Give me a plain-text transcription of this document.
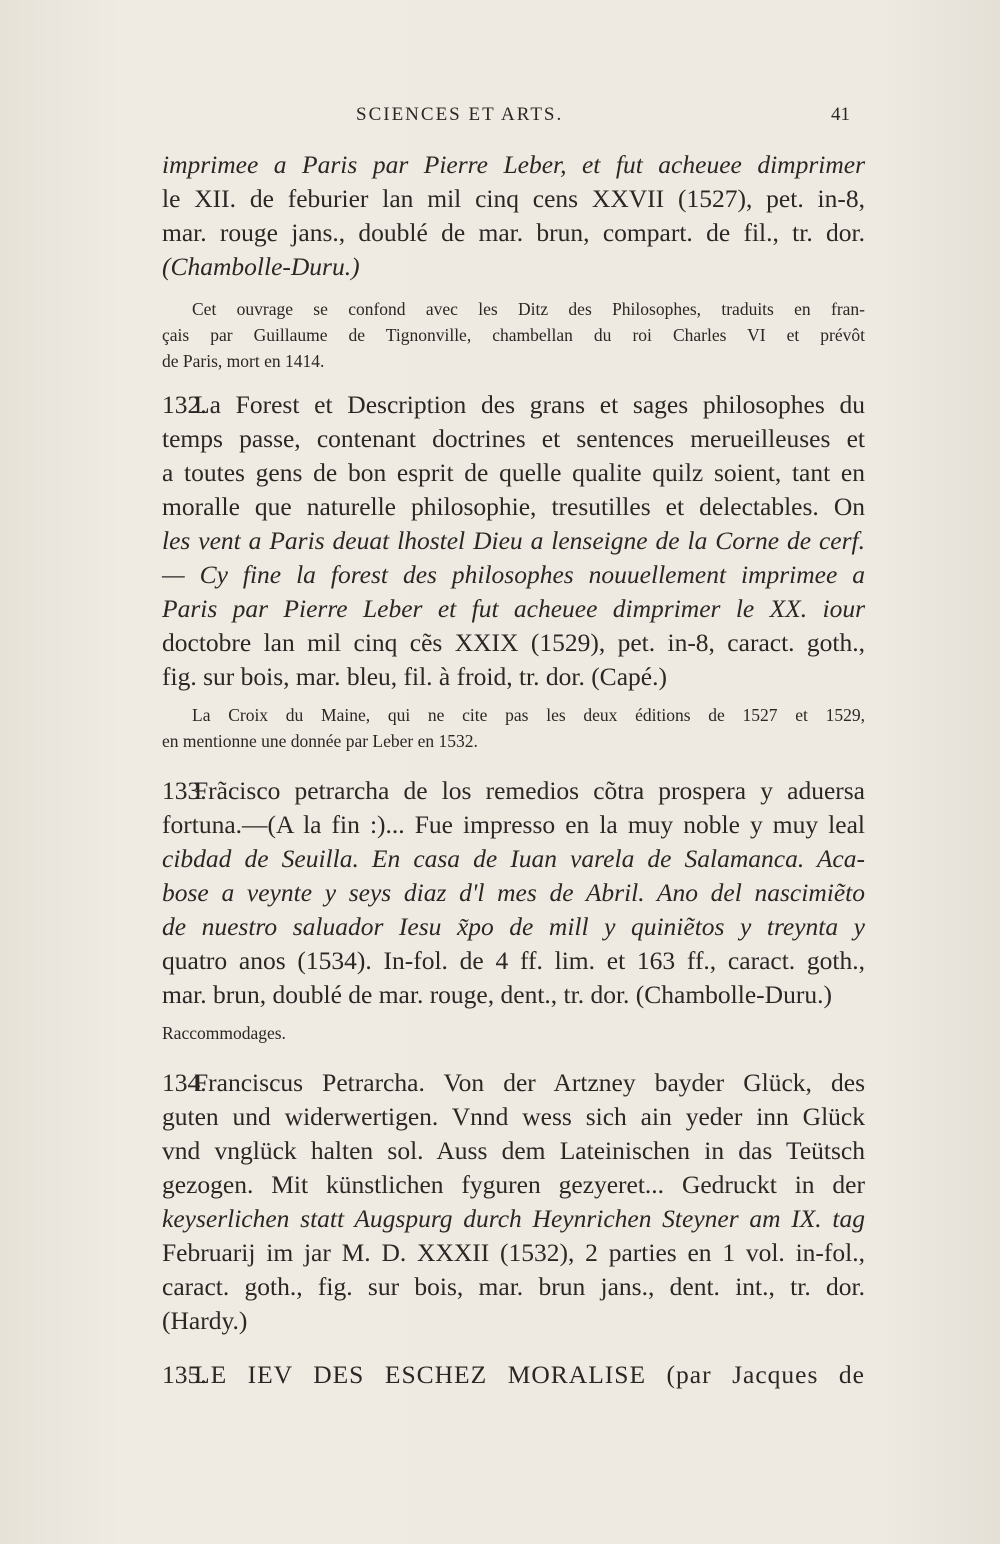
SCIENCES ET ARTS.	41
imprimee a Paris par Pierre Leber, et fut acheuee dimprimer
le XII. de feburier lan mil cinq cens XXVII (1527), pet. in-8,
mar. rouge jans., doublé de mar. brun, compart. de fil., tr. dor.
(Chambolle-Duru.)
Cet ouvrage se confond avec les Ditz des Philosophes, traduits en fran-
çais par Guillaume de Tignonville, chambellan du roi Charles VI et prévôt
de Paris, mort en 1414.
132.La Forest et Description des grans et sages philosophes du
temps passe, contenant doctrines et sentences merueilleuses et
a toutes gens de bon esprit de quelle qualite quilz soient, tant en
moralle que naturelle philosophie, tresutilles et delectables. On
les vent a Paris deuat lhostel Dieu a lenseigne de la Corne de cerf.
— Cy fine la forest des philosophes nouuellement imprimee a
Paris par Pierre Leber et fut acheuee dimprimer le XX. iour
doctobre lan mil cinq cẽs XXIX (1529), pet. in-8, caract. goth.,
fig. sur bois, mar. bleu, fil. à froid, tr. dor. (Capé.)
La Croix du Maine, qui ne cite pas les deux éditions de 1527 et 1529,
en mentionne une donnée par Leber en 1532.
133.Frãcisco petrarcha de los remedios cõtra prospera y aduersa
fortuna.—(A la fin :)... Fue impresso en la muy noble y muy leal
cibdad de Seuilla. En casa de Iuan varela de Salamanca. Aca-
bose a veynte y seys diaz d'l mes de Abril. Ano del nascimiẽto
de nuestro saluador Iesu x̃po de mill y quiniẽtos y treynta y
quatro anos (1534). In-fol. de 4 ff. lim. et 163 ff., caract. goth.,
mar. brun, doublé de mar. rouge, dent., tr. dor. (Chambolle-Duru.)
Raccommodages.
134.Franciscus Petrarcha. Von der Artzney bayder Glück, des
guten und widerwertigen. Vnnd wess sich ain yeder inn Glück
vnd vnglück halten sol. Auss dem Lateinischen in das Teütsch
gezogen. Mit künstlichen fyguren gezyeret... Gedruckt in der
keyserlichen statt Augspurg durch Heynrichen Steyner am IX. tag
Februarij im jar M. D. XXXII (1532), 2 parties en 1 vol. in-fol.,
caract. goth., fig. sur bois, mar. brun jans., dent. int., tr. dor.
(Hardy.)
135.LE IEV DES ESCHEZ MORALISE (par Jacques de
